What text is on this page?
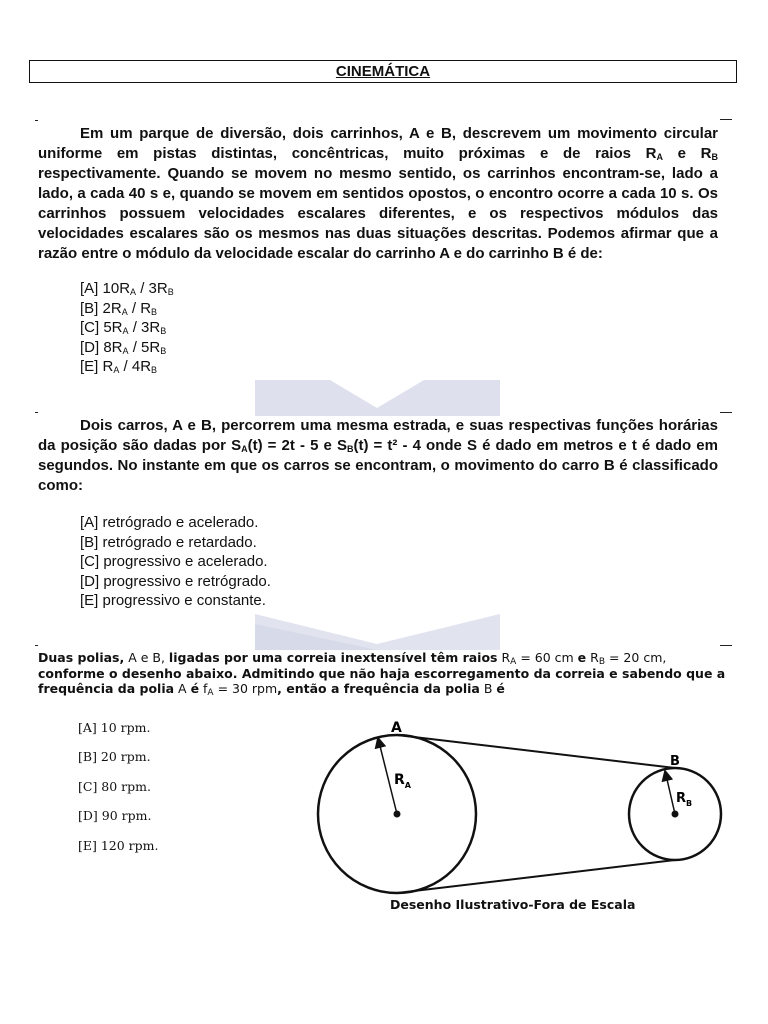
CINEMÁTICA
Em um parque de diversão, dois carrinhos, A e B, descrevem um movimento circular uniforme em pistas distintas, concêntricas, muito próximas e de raios $R_A$ e $R_B$ respectivamente. Quando se movem no mesmo sentido, os carrinhos encontram-se, lado a lado, a cada 40 s e, quando se movem em sentidos opostos, o encontro ocorre a cada 10 s. Os carrinhos possuem velocidades escalares diferentes, e os respectivos módulos das velocidades escalares são os mesmos nas duas situações descritas. Podemos afirmar que a razão entre o módulo da velocidade escalar do carrinho A e do carrinho B é de:
[A] $10R_A / 3R_B$
[B] $2R_A / R_B$
[C] $5R_A / 3R_B$
[D] $8R_A / 5R_B$
[E] $R_A / 4R_B$
Dois carros, A e B, percorrem uma mesma estrada, e suas respectivas funções horárias da posição são dadas por $S_A(t) = 2t - 5$ e $S_B(t) = t^2 - 4$ onde S é dado em metros e t é dado em segundos. No instante em que os carros se encontram, o movimento do carro B é classificado como:
[A] retrógrado e acelerado.
[B] retrógrado e retardado.
[C] progressivo e acelerado.
[D] progressivo e retrógrado.
[E] progressivo e constante.
Duas polias, A e B, ligadas por uma correia inextensível têm raios $R_A = 60$ cm e $R_B = 20$ cm,
conforme o desenho abaixo. Admitindo que não haja escorregamento da correia e sabendo que a
frequência da polia A é $f_A = 30$ rpm, então a frequência da polia B é
[A] 10 rpm.
[B] 20 rpm.
[C] 80 rpm.
[D] 90 rpm.
[E] 120 rpm.
A
B
$R_A$
$R_B$
Desenho Ilustrativo-Fora de Escala
